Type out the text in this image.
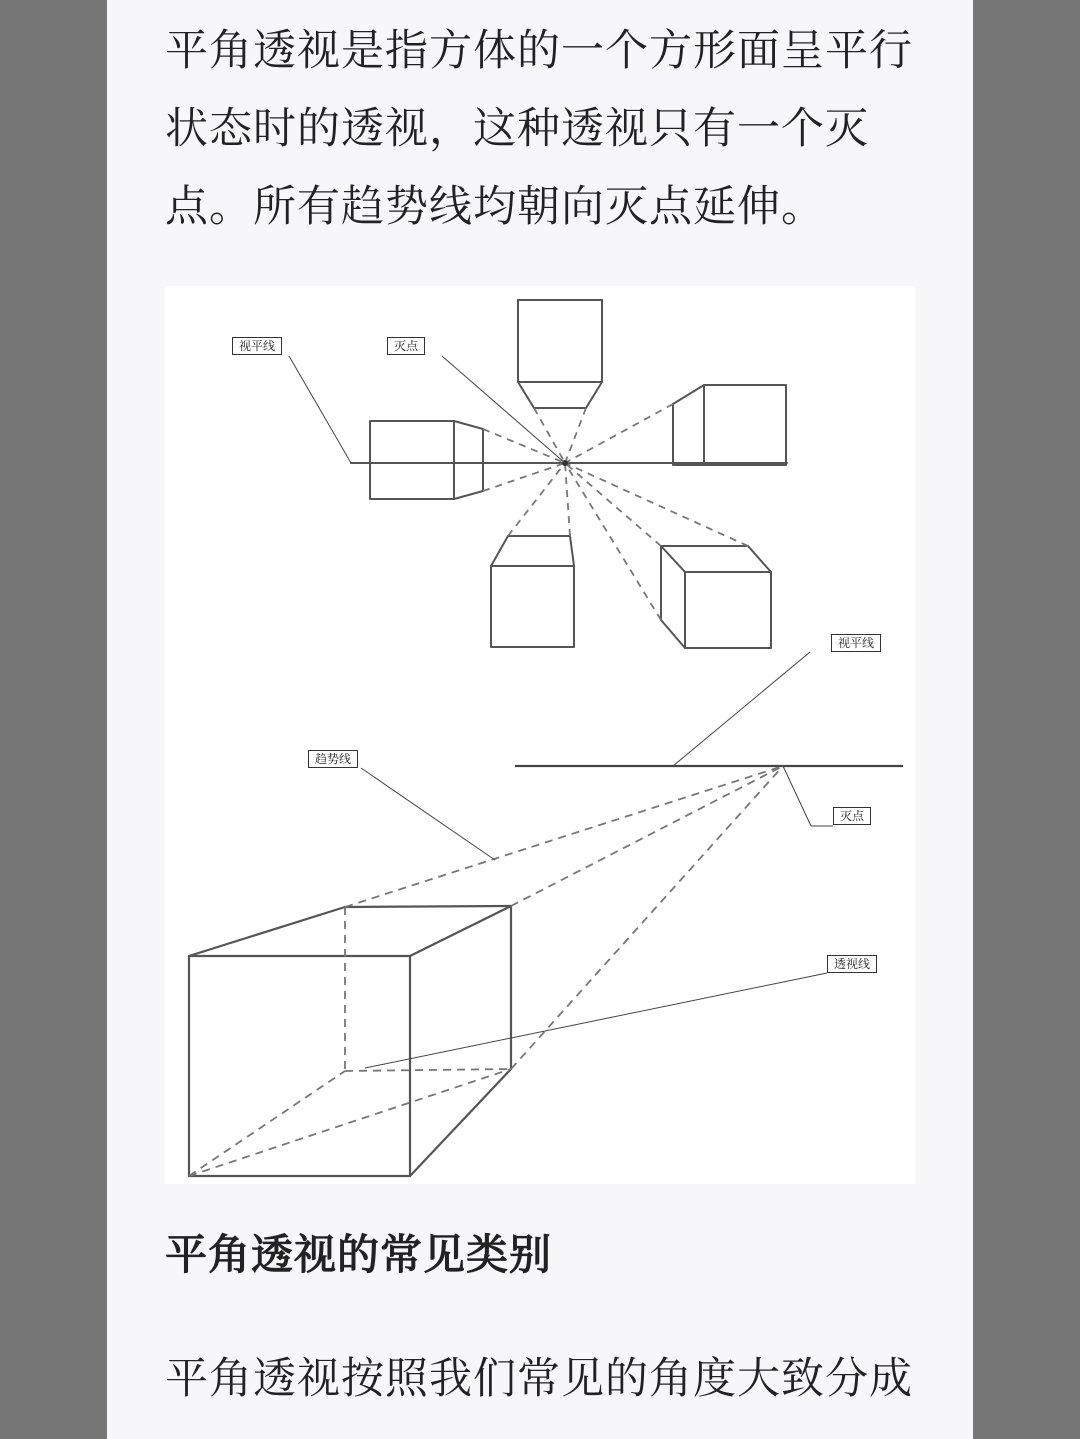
平角透视是指方体的一个方形面呈平行状态时的透视，这种透视只有一个灭点。所有趋势线均朝向灭点延伸。

视平线	灭点
视平线
趋势线
灭点
透视线
平角透视的常见类别

平角透视按照我们常见的角度大致分成
